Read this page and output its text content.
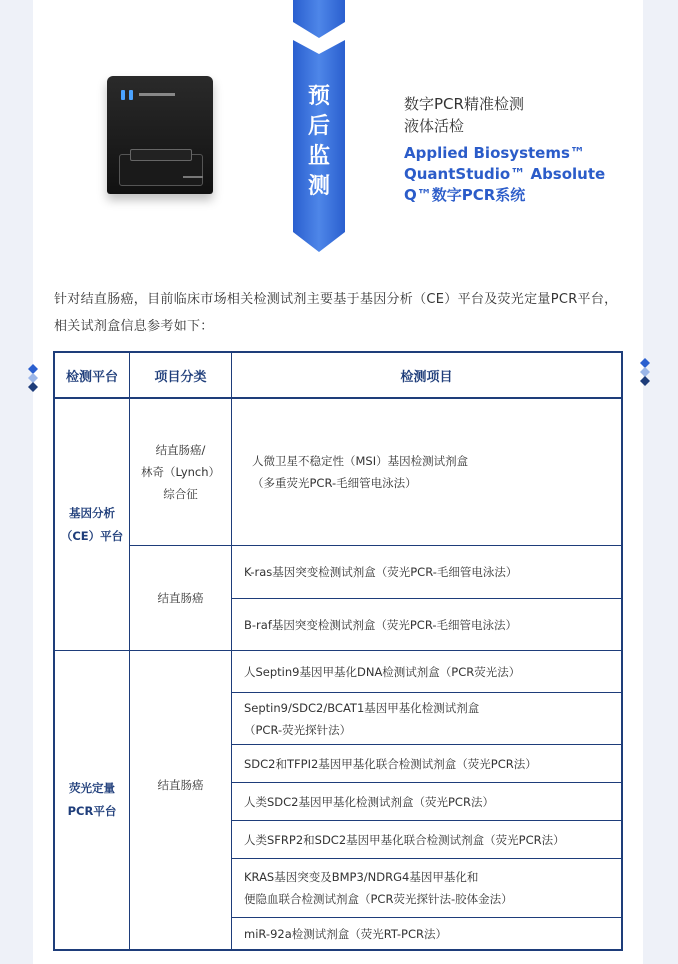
预
后
监
测
数字PCR精准检测
液体活检
Applied Biosystems™
QuantStudio™ Absolute
Q™数字PCR系统
针对结直肠癌，目前临床市场相关检测试剂主要基于基因分析（CE）平台及荧光定量PCR平台，相关试剂盒信息参考如下：
检测平台	项目分类	检测项目
基因分析
（CE）平台
结直肠癌/
林奇（Lynch）
综合征
人微卫星不稳定性（MSI）基因检测试剂盒
（多重荧光PCR-毛细管电泳法）
结直肠癌
K-ras基因突变检测试剂盒（荧光PCR-毛细管电泳法）
B-raf基因突变检测试剂盒（荧光PCR-毛细管电泳法）
荧光定量
PCR平台
结直肠癌
人Septin9基因甲基化DNA检测试剂盒（PCR荧光法）
Septin9/SDC2/BCAT1基因甲基化检测试剂盒
（PCR-荧光探针法）
SDC2和TFPI2基因甲基化联合检测试剂盒（荧光PCR法）
人类SDC2基因甲基化检测试剂盒（荧光PCR法）
人类SFRP2和SDC2基因甲基化联合检测试剂盒（荧光PCR法）
KRAS基因突变及BMP3/NDRG4基因甲基化和
便隐血联合检测试剂盒（PCR荧光探针法-胶体金法）
miR-92a检测试剂盒（荧光RT-PCR法）
